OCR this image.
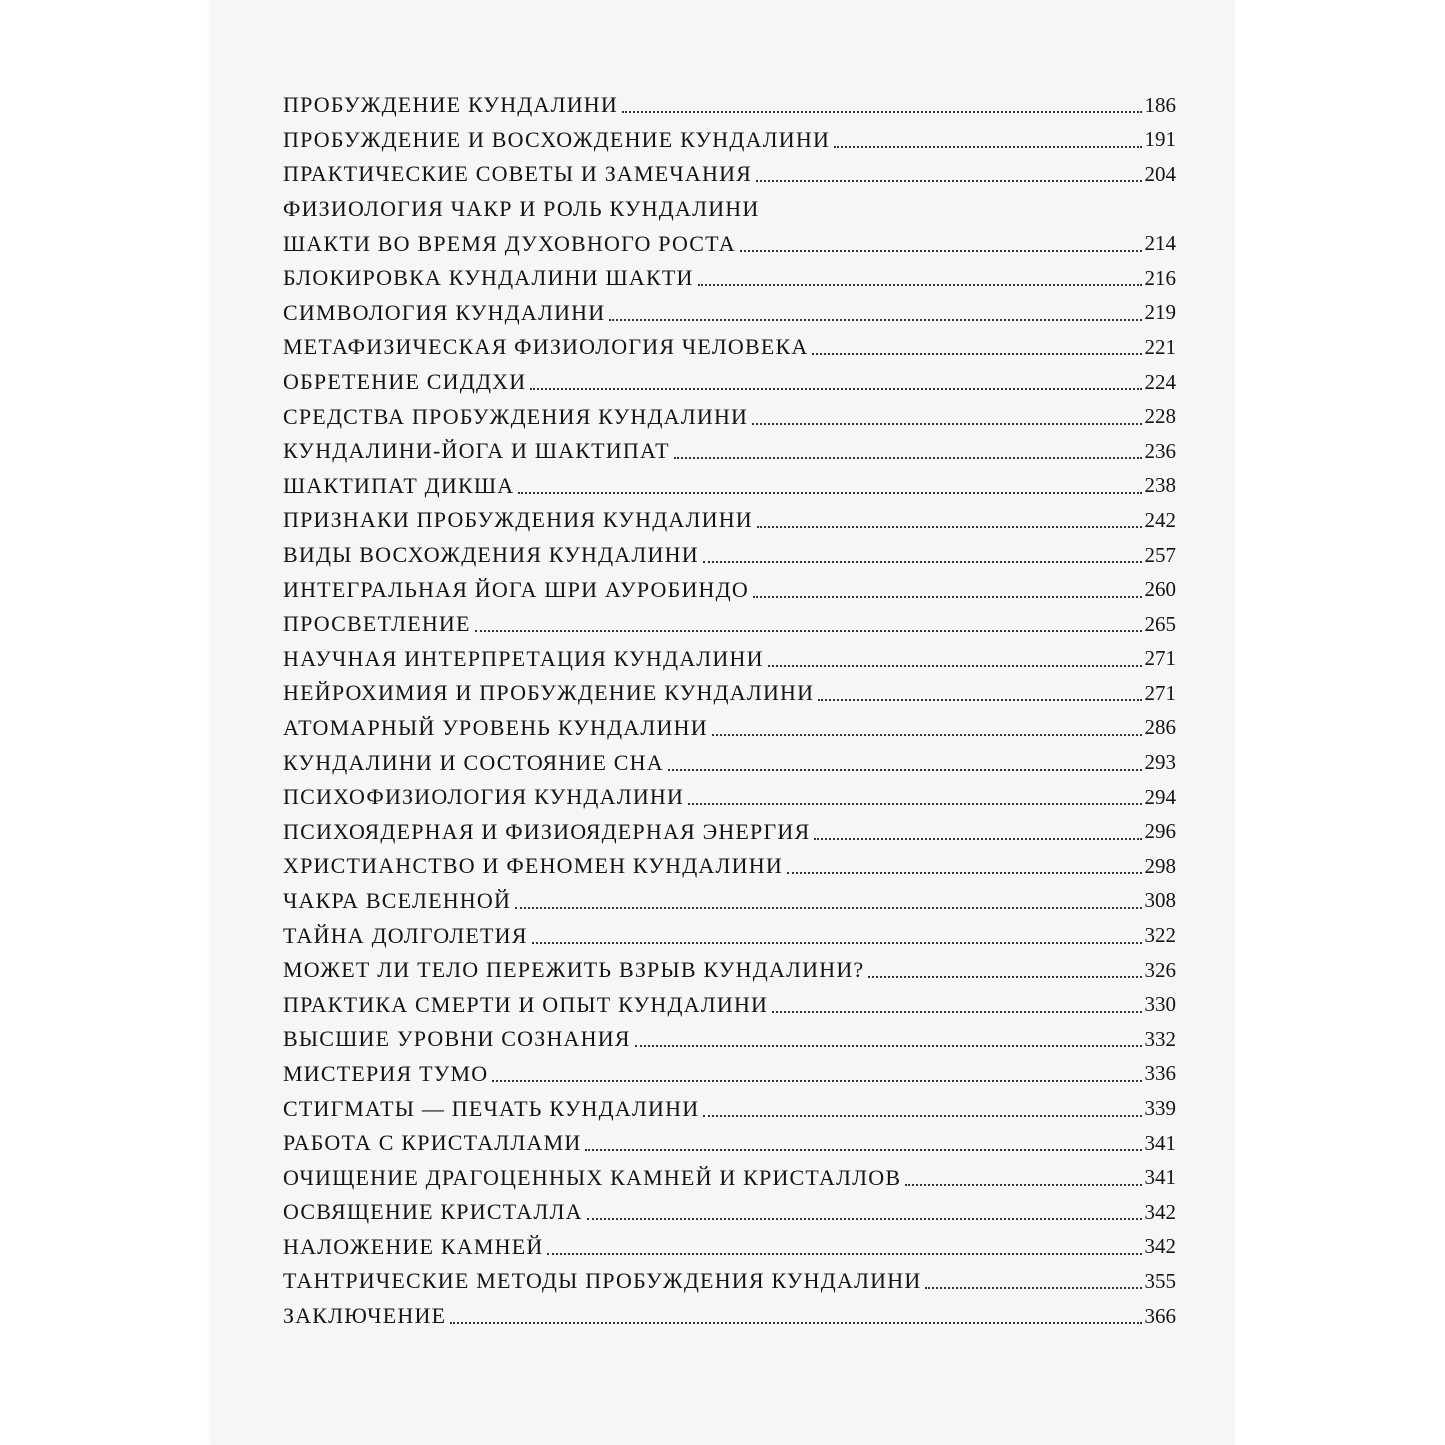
ПРОБУЖДЕНИЕ КУНДАЛИНИ	186
ПРОБУЖДЕНИЕ И ВОСХОЖДЕНИЕ КУНДАЛИНИ	191
ПРАКТИЧЕСКИЕ СОВЕТЫ И ЗАМЕЧАНИЯ	204
ФИЗИОЛОГИЯ ЧАКР И РОЛЬ КУНДАЛИНИ
ШАКТИ ВО ВРЕМЯ ДУХОВНОГО РОСТА	214
БЛОКИРОВКА КУНДАЛИНИ ШАКТИ	216
СИМВОЛОГИЯ КУНДАЛИНИ	219
МЕТАФИЗИЧЕСКАЯ ФИЗИОЛОГИЯ ЧЕЛОВЕКА	221
ОБРЕТЕНИЕ СИДДХИ	224
СРЕДСТВА ПРОБУЖДЕНИЯ КУНДАЛИНИ	228
КУНДАЛИНИ-ЙОГА И ШАКТИПАТ	236
ШАКТИПАТ ДИКША	238
ПРИЗНАКИ ПРОБУЖДЕНИЯ КУНДАЛИНИ	242
ВИДЫ ВОСХОЖДЕНИЯ КУНДАЛИНИ	257
ИНТЕГРАЛЬНАЯ ЙОГА ШРИ АУРОБИНДО	260
ПРОСВЕТЛЕНИЕ	265
НАУЧНАЯ ИНТЕРПРЕТАЦИЯ КУНДАЛИНИ	271
НЕЙРОХИМИЯ И ПРОБУЖДЕНИЕ КУНДАЛИНИ	271
АТОМАРНЫЙ УРОВЕНЬ КУНДАЛИНИ	286
КУНДАЛИНИ И СОСТОЯНИЕ СНА	293
ПСИХОФИЗИОЛОГИЯ КУНДАЛИНИ	294
ПСИХОЯДЕРНАЯ И ФИЗИОЯДЕРНАЯ ЭНЕРГИЯ	296
ХРИСТИАНСТВО И ФЕНОМЕН КУНДАЛИНИ	298
ЧАКРА ВСЕЛЕННОЙ	308
ТАЙНА ДОЛГОЛЕТИЯ	322
МОЖЕТ ЛИ ТЕЛО ПЕРЕЖИТЬ ВЗРЫВ КУНДАЛИНИ?	326
ПРАКТИКА СМЕРТИ И ОПЫТ КУНДАЛИНИ	330
ВЫСШИЕ УРОВНИ СОЗНАНИЯ	332
МИСТЕРИЯ ТУМО	336
СТИГМАТЫ — ПЕЧАТЬ КУНДАЛИНИ	339
РАБОТА С КРИСТАЛЛАМИ	341
ОЧИЩЕНИЕ ДРАГОЦЕННЫХ КАМНЕЙ И КРИСТАЛЛОВ	341
ОСВЯЩЕНИЕ КРИСТАЛЛА	342
НАЛОЖЕНИЕ КАМНЕЙ	342
ТАНТРИЧЕСКИЕ МЕТОДЫ ПРОБУЖДЕНИЯ КУНДАЛИНИ	355
ЗАКЛЮЧЕНИЕ	366
